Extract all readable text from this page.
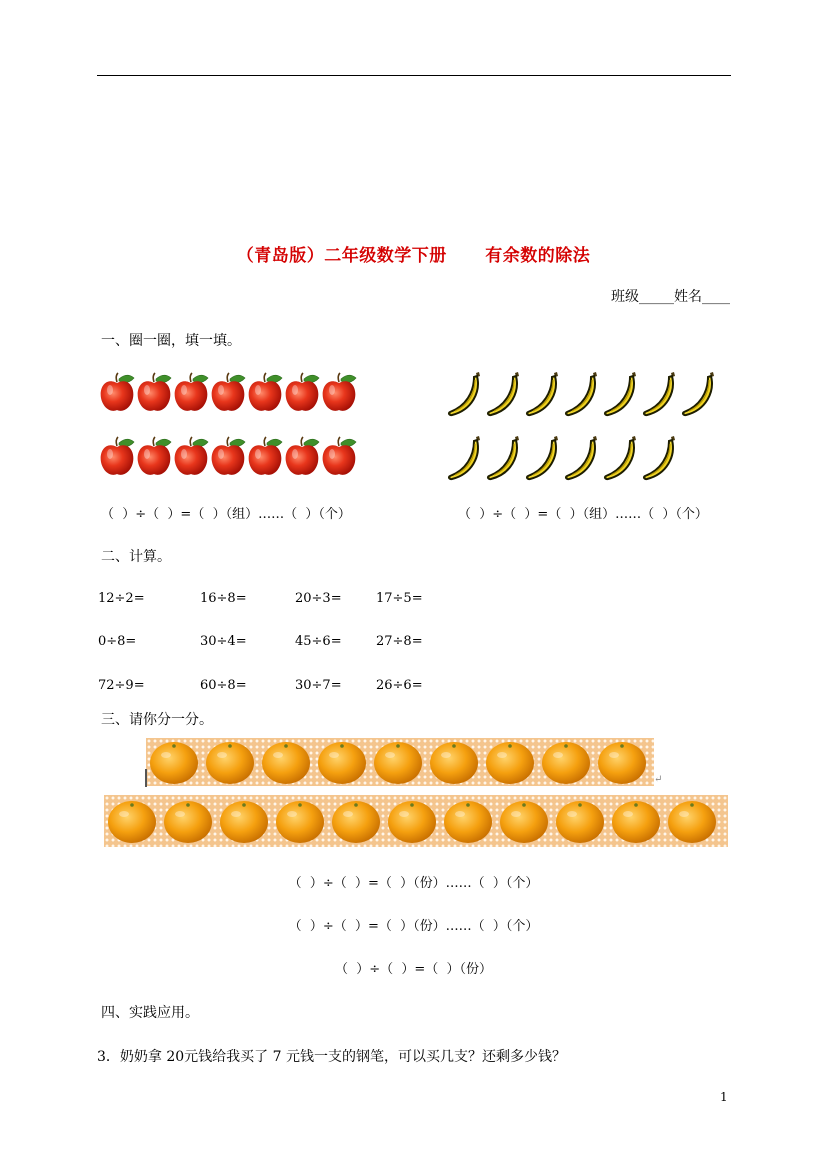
（青岛版）二年级数学下册      有余数的除法
班级_____姓名____
一、圈一圈，填一填。
（  ）÷（  ）=（  ）（组）……（  ）（个）	（  ）÷（  ）=（  ）（组）……（  ）（个）
二、计算。
12÷2=	16÷8=	20÷3=	17÷5=
0÷8=	30÷4=	45÷6=	27÷8=
72÷9=	60÷8=	30÷7=	26÷6=
三、请你分一分。
↵
（  ）÷（  ）=（  ）（份）……（  ）（个）
（  ）÷（  ）=（  ）（份）……（  ）（个）
（  ）÷（  ）=（  ）（份）
四、实践应用。
3．奶奶拿 20元钱给我买了 7 元钱一支的钢笔，可以买几支？还剩多少钱？
1
